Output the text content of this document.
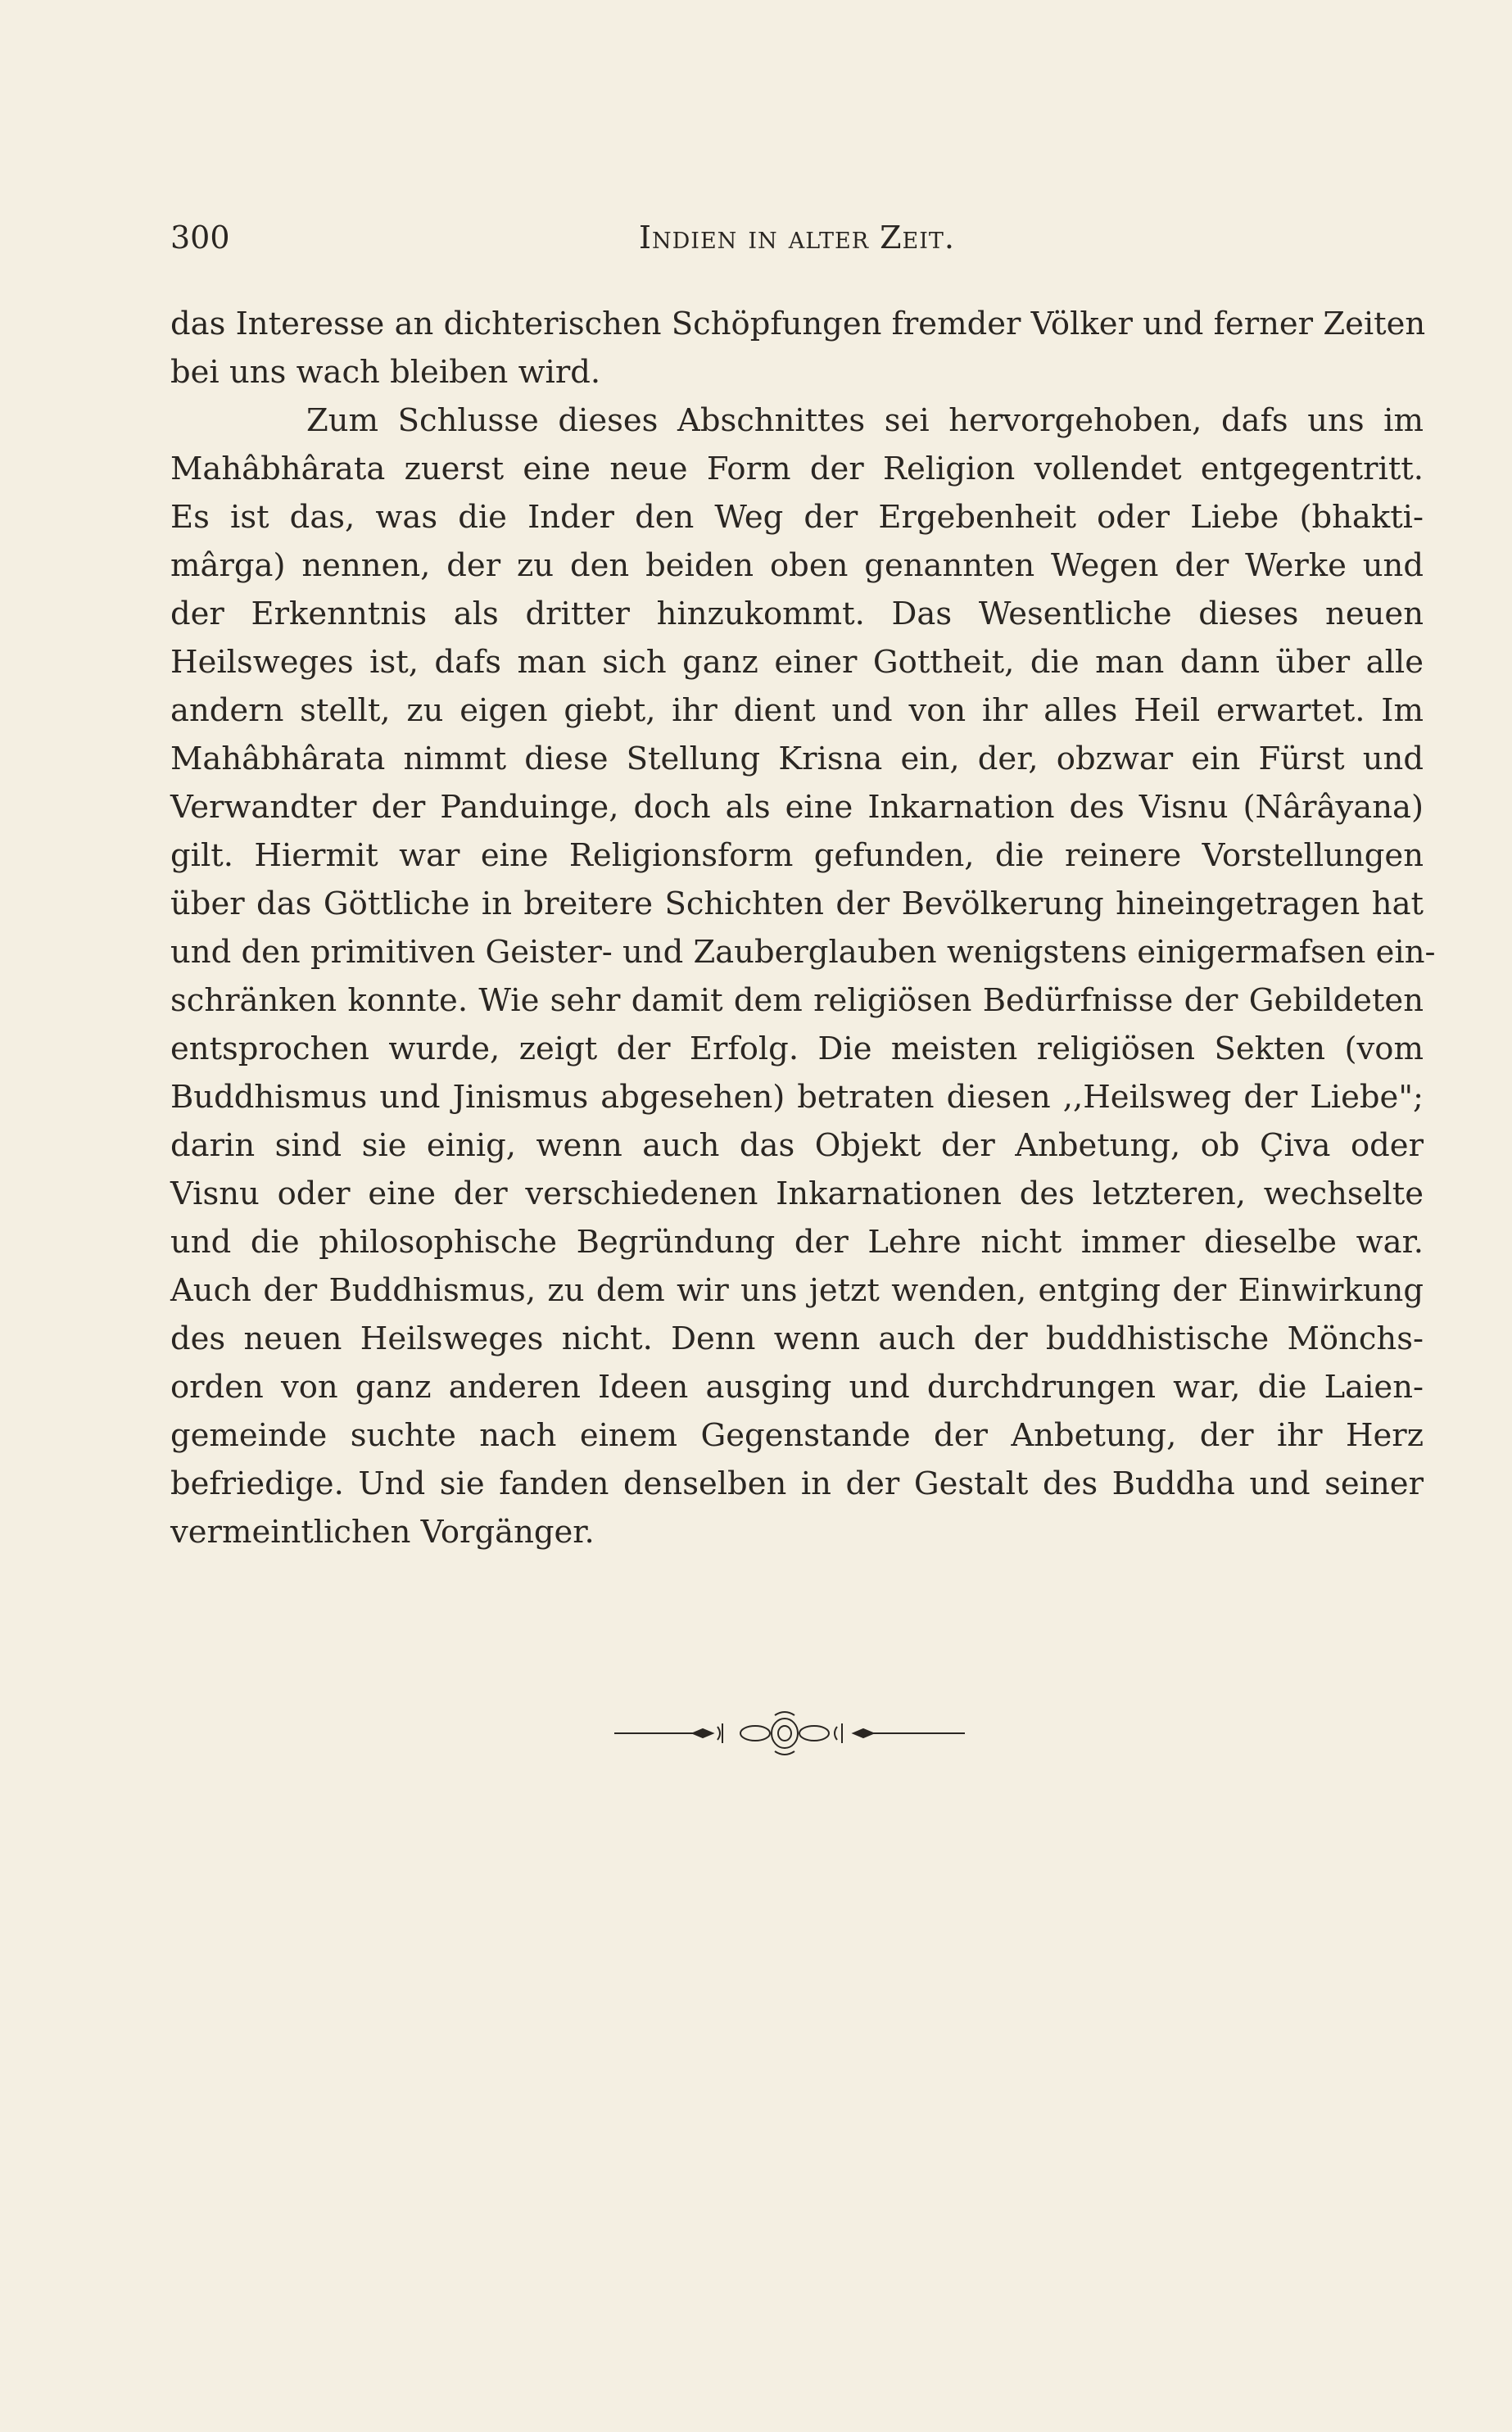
300	Indien in alter Zeit.
das Interesse an dichterischen Schöpfungen fremder Völker und ferner Zeiten
bei uns wach bleiben wird.
Zum Schlusse dieses Abschnittes sei hervorgehoben, dafs uns im
Mahâbhârata zuerst eine neue Form der Religion vollendet entgegentritt.
Es ist das, was die Inder den Weg der Ergebenheit oder Liebe (bhakti-
mârga) nennen, der zu den beiden oben genannten Wegen der Werke und
der Erkenntnis als dritter hinzukommt. Das Wesentliche dieses neuen
Heilsweges ist, dafs man sich ganz einer Gottheit, die man dann über alle
andern stellt, zu eigen giebt, ihr dient und von ihr alles Heil erwartet. Im
Mahâbhârata nimmt diese Stellung Krisna ein, der, obzwar ein Fürst und
Verwandter der Panduinge, doch als eine Inkarnation des Visnu (Nârâyana)
gilt. Hiermit war eine Religionsform gefunden, die reinere Vorstellungen
über das Göttliche in breitere Schichten der Bevölkerung hineingetragen hat
und den primitiven Geister- und Zauberglauben wenigstens einigermafsen ein-
schränken konnte. Wie sehr damit dem religiösen Bedürfnisse der Gebildeten
entsprochen wurde, zeigt der Erfolg. Die meisten religiösen Sekten (vom
Buddhismus und Jinismus abgesehen) betraten diesen ,,Heilsweg der Liebe";
darin sind sie einig, wenn auch das Objekt der Anbetung, ob Çiva oder
Visnu oder eine der verschiedenen Inkarnationen des letzteren, wechselte
und die philosophische Begründung der Lehre nicht immer dieselbe war.
Auch der Buddhismus, zu dem wir uns jetzt wenden, entging der Einwirkung
des neuen Heilsweges nicht. Denn wenn auch der buddhistische Mönchs-
orden von ganz anderen Ideen ausging und durchdrungen war, die Laien-
gemeinde suchte nach einem Gegenstande der Anbetung, der ihr Herz
befriedige. Und sie fanden denselben in der Gestalt des Buddha und seiner
vermeintlichen Vorgänger.
